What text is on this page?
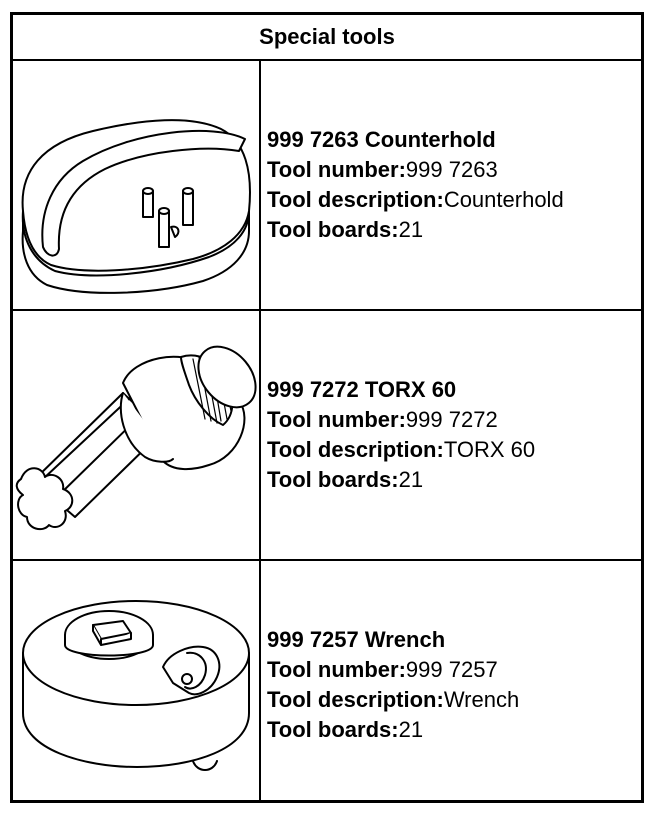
Special tools
999 7263 Counterhold
Tool number:999 7263
Tool description:Counterhold
Tool boards:21
999 7272 TORX 60
Tool number:999 7272
Tool description:TORX 60
Tool boards:21
999 7257 Wrench
Tool number:999 7257
Tool description:Wrench
Tool boards:21
